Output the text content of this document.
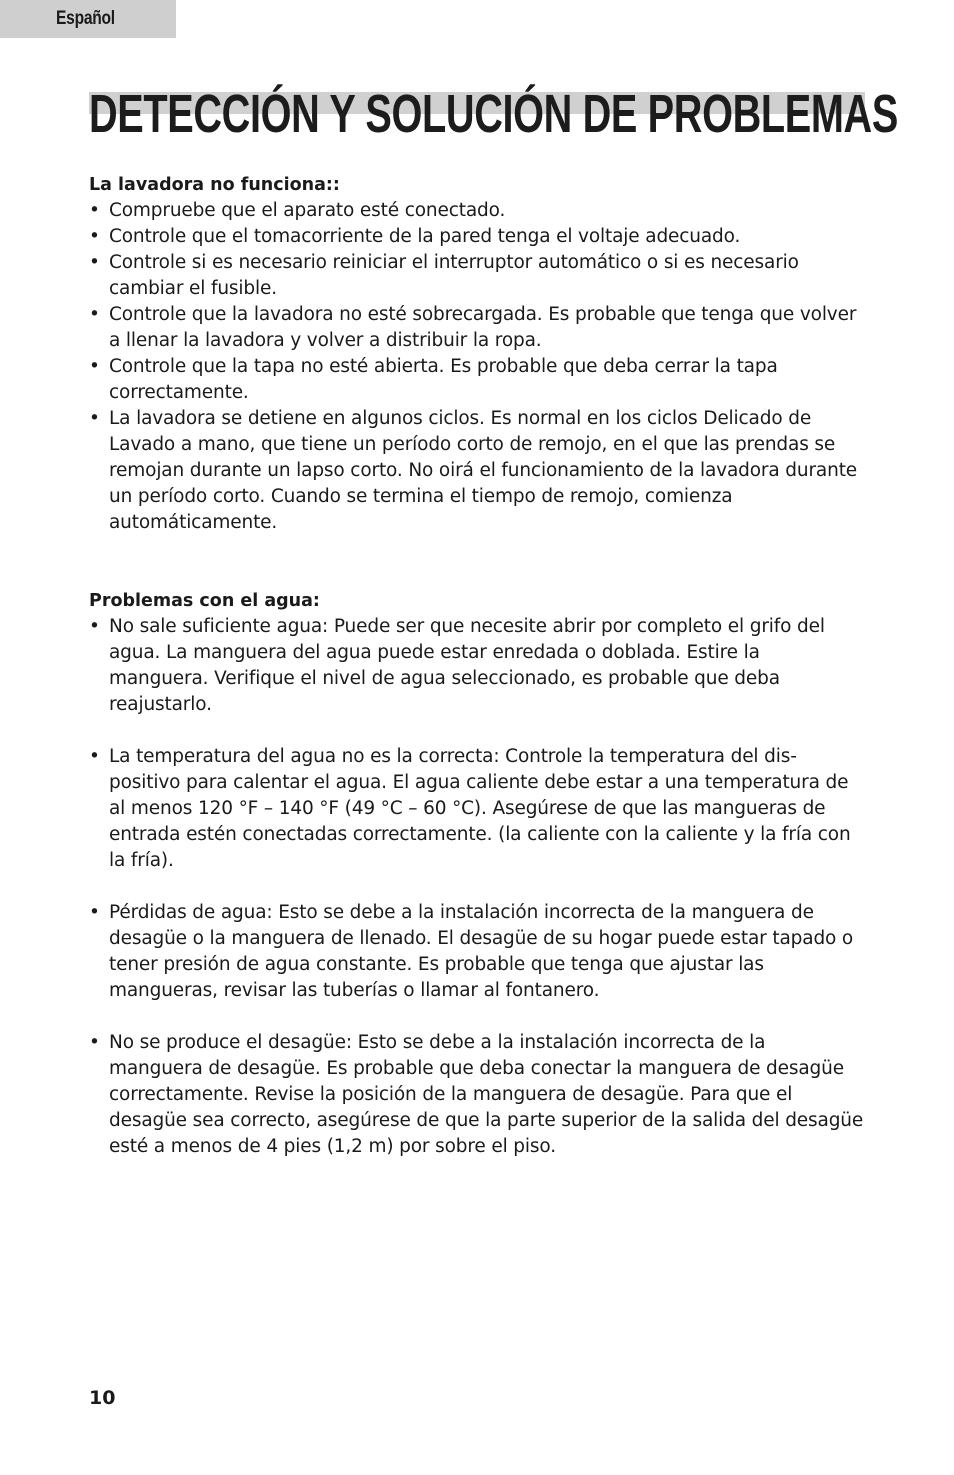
Español
DETECCIÓN Y SOLUCIÓN DE PROBLEMAS
La lavadora no funciona::
• Compruebe que el aparato esté conectado.
• Controle que el tomacorriente de la pared tenga el voltaje adecuado.
• Controle si es necesario reiniciar el interruptor automático o si es necesario cambiar el fusible.
• Controle que la lavadora no esté sobrecargada. Es probable que tenga que volver a llenar la lavadora y volver a distribuir la ropa.
• Controle que la tapa no esté abierta. Es probable que deba cerrar la tapa correctamente.
• La lavadora se detiene en algunos ciclos. Es normal en los ciclos Delicado de Lavado a mano, que tiene un período corto de remojo, en el que las prendas se remojan durante un lapso corto. No oirá el funcionamiento de la lavadora durante un período corto. Cuando se termina el tiempo de remojo, comienza automáticamente.
Problemas con el agua:
• No sale suficiente agua: Puede ser que necesite abrir por completo el grifo del agua. La manguera del agua puede estar enredada o doblada. Estire la manguera. Verifique el nivel de agua seleccionado, es probable que deba reajustarlo.
• La temperatura del agua no es la correcta: Controle la temperatura del dis-positivo para calentar el agua. El agua caliente debe estar a una temperatura de al menos 120 °F – 140 °F (49 °C – 60 °C). Asegúrese de que las mangueras de entrada estén conectadas correctamente. (la caliente con la caliente y la fría con la fría).
• Pérdidas de agua: Esto se debe a la instalación incorrecta de la manguera de desagüe o la manguera de llenado. El desagüe de su hogar puede estar tapado o tener presión de agua constante. Es probable que tenga que ajustar las mangueras, revisar las tuberías o llamar al fontanero.
• No se produce el desagüe: Esto se debe a la instalación incorrecta de la manguera de desagüe. Es probable que deba conectar la manguera de desagüe correctamente. Revise la posición de la manguera de desagüe. Para que el desagüe sea correcto, asegúrese de que la parte superior de la salida del desagüe esté a menos de 4 pies (1,2 m) por sobre el piso.
10
